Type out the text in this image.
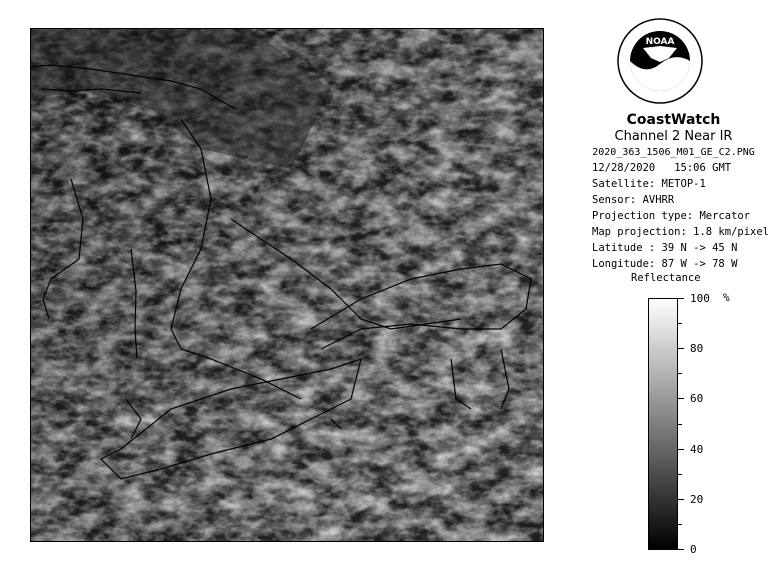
NOAA
CoastWatch
Channel 2 Near IR
2020_363_1506_M01_GE_C2.PNG
12/28/2020 15:06 GMT
Satellite: METOP-1
Sensor: AVHRR
Projection type: Mercator
Map projection: 1.8 km/pixel
Latitude : 39 N -> 45 N
Longitude: 87 W -> 78 W
Reflectance
%
100
80
60
40
20
0
